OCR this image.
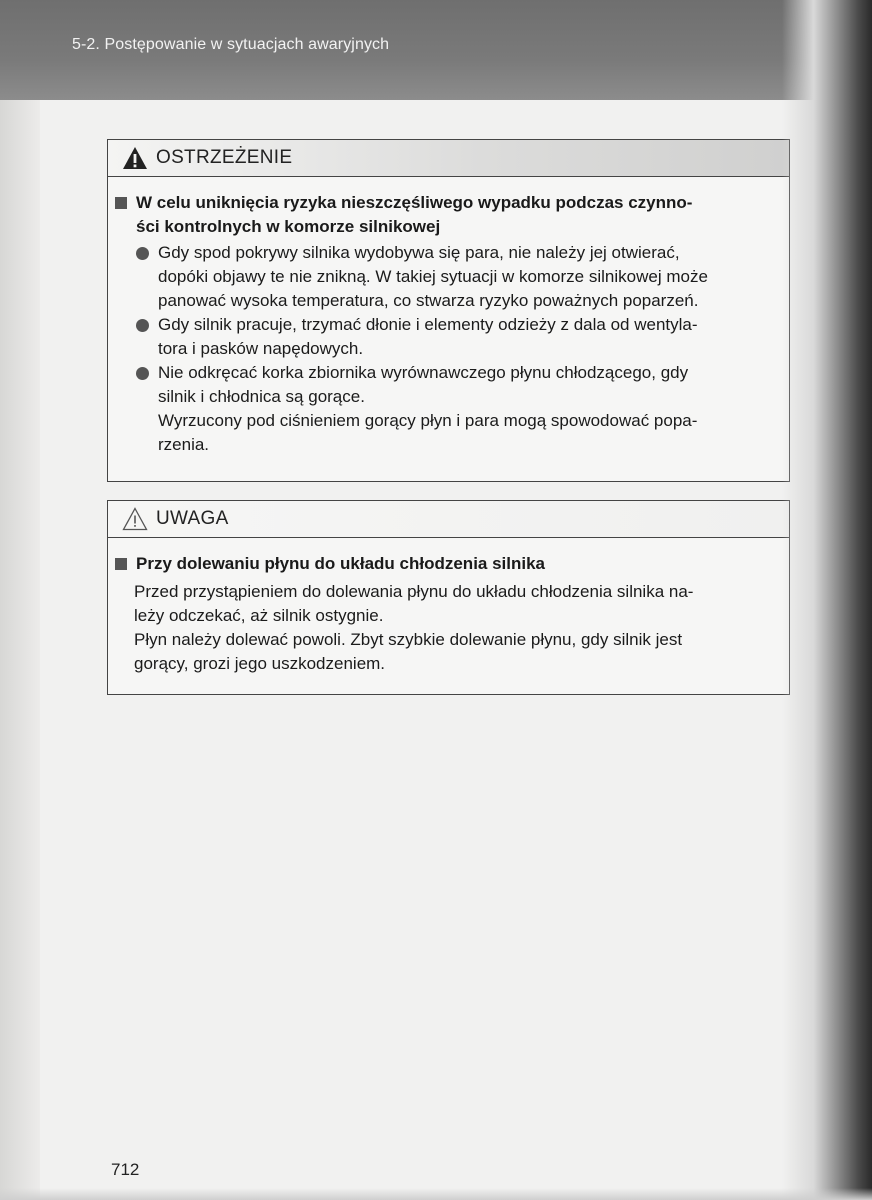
5-2. Postępowanie w sytuacjach awaryjnych
OSTRZEŻENIE
W celu uniknięcia ryzyka nieszczęśliwego wypadku podczas czynno-
ści kontrolnych w komorze silnikowej
Gdy spod pokrywy silnika wydobywa się para, nie należy jej otwierać,
dopóki objawy te nie znikną. W takiej sytuacji w komorze silnikowej może
panować wysoka temperatura, co stwarza ryzyko poważnych poparzeń.
Gdy silnik pracuje, trzymać dłonie i elementy odzieży z dala od wentyla-
tora i pasków napędowych.
Nie odkręcać korka zbiornika wyrównawczego płynu chłodzącego, gdy
silnik i chłodnica są gorące.
Wyrzucony pod ciśnieniem gorący płyn i para mogą spowodować popa-
rzenia.
UWAGA
Przy dolewaniu płynu do układu chłodzenia silnika
Przed przystąpieniem do dolewania płynu do układu chłodzenia silnika na-
leży odczekać, aż silnik ostygnie.
Płyn należy dolewać powoli. Zbyt szybkie dolewanie płynu, gdy silnik jest
gorący, grozi jego uszkodzeniem.
712
